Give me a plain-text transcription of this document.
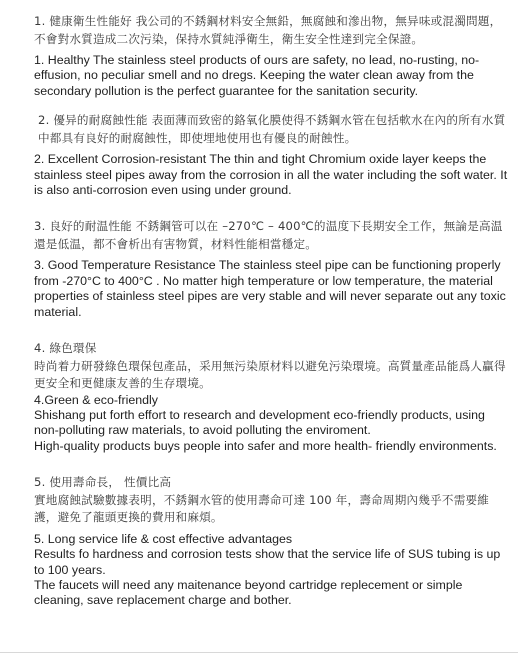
1. 健康衛生性能好 我公司的不銹鋼材料安全無鉛，無腐蝕和滲出物，無异味或混濁問題，不會對水質造成二次污染，保持水質純淨衛生，衛生安全性達到完全保證。

1. Healthy The stainless steel products of ours are safety, no lead, no-rusting, no-effusion, no peculiar smell and no dregs. Keeping the water clean away from the secondary pollution is the perfect guarantee for the sanitation security.

2. 優异的耐腐蝕性能 表面薄而致密的鉻氧化膜使得不銹鋼水管在包括軟水在內的所有水質中都具有良好的耐腐蝕性，即使埋地使用也有優良的耐蝕性。

2. Excellent Corrosion-resistant The thin and tight Chromium oxide layer keeps the stainless steel pipes away from the corrosion in all the water including the soft water. It is also anti-corrosion even using under ground.

3. 良好的耐温性能 不銹鋼管可以在 –270℃ – 400℃的温度下長期安全工作，無論是高温還是低温，都不會析出有害物質，材料性能相當穩定。

3. Good Temperature Resistance The stainless steel pipe can be functioning properly from -270°C to 400°C . No matter high temperature or low temperature, the material properties of stainless steel pipes are very stable and will never separate out any toxic material.

4. 綠色環保

時尚着力研發綠色環保包產品，采用無污染原材料以避免污染環境。高質量產品能爲人贏得更安全和更健康友善的生存環境。

4.Green & eco-friendly

Shishang put forth effort to research and development eco-friendly products, using non-polluting raw materials, to avoid polluting the enviroment.

High-quality products buys people into safer and more health- friendly environments.

5. 使用壽命長， 性價比高

實地腐蝕試驗數據表明，不銹鋼水管的使用壽命可達 100 年，壽命周期內幾乎不需要維護，避免了龍頭更換的費用和麻煩。

5. Long service life & cost effective advantages

Results fo hardness and corrosion tests show that the service life of SUS tubing is up to 100 years.

The faucets will need any maitenance beyond cartridge replecement or simple cleaning, save replacement charge and bother.
